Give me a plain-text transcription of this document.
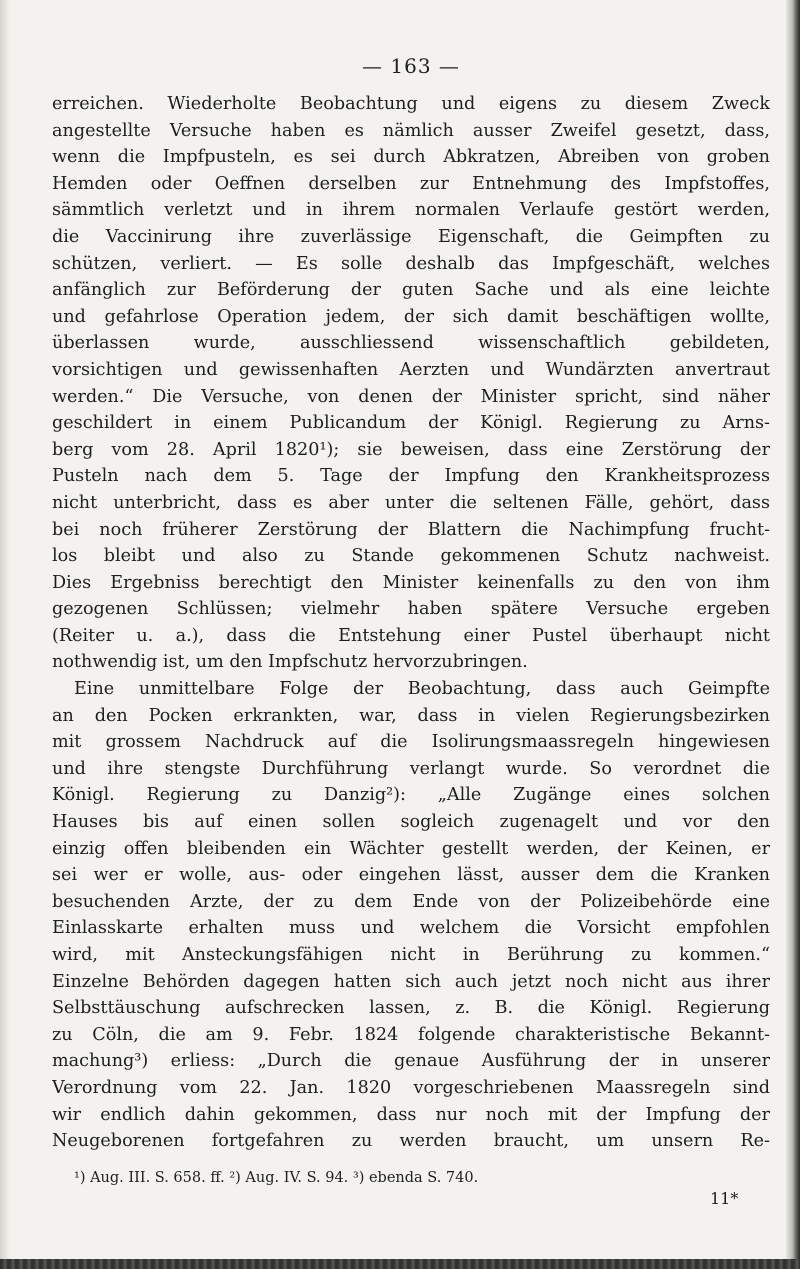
— 163 —
erreichen. Wiederholte Beobachtung und eigens zu diesem Zweck
angestellte Versuche haben es nämlich ausser Zweifel gesetzt, dass,
wenn die Impfpusteln, es sei durch Abkratzen, Abreiben von groben
Hemden oder Oeffnen derselben zur Entnehmung des Impfstoffes,
sämmtlich verletzt und in ihrem normalen Verlaufe gestört werden,
die Vaccinirung ihre zuverlässige Eigenschaft, die Geimpften zu
schützen, verliert. — Es solle deshalb das Impfgeschäft, welches
anfänglich zur Beförderung der guten Sache und als eine leichte
und gefahrlose Operation jedem, der sich damit beschäftigen wollte,
überlassen wurde, ausschliessend wissenschaftlich gebildeten,
vorsichtigen und gewissenhaften Aerzten und Wundärzten anvertraut
werden.“ Die Versuche, von denen der Minister spricht, sind näher
geschildert in einem Publicandum der Königl. Regierung zu Arns-
berg vom 28. April 1820¹); sie beweisen, dass eine Zerstörung der
Pusteln nach dem 5. Tage der Impfung den Krankheitsprozess
nicht unterbricht, dass es aber unter die seltenen Fälle, gehört, dass
bei noch früherer Zerstörung der Blattern die Nachimpfung frucht-
los bleibt und also zu Stande gekommenen Schutz nachweist.
Dies Ergebniss berechtigt den Minister keinenfalls zu den von ihm
gezogenen Schlüssen; vielmehr haben spätere Versuche ergeben
(Reiter u. a.), dass die Entstehung einer Pustel überhaupt nicht
nothwendig ist, um den Impfschutz hervorzubringen.
Eine unmittelbare Folge der Beobachtung, dass auch Geimpfte
an den Pocken erkrankten, war, dass in vielen Regierungsbezirken
mit grossem Nachdruck auf die Isolirungsmaassregeln hingewiesen
und ihre stengste Durchführung verlangt wurde. So verordnet die
Königl. Regierung zu Danzig²): „Alle Zugänge eines solchen
Hauses bis auf einen sollen sogleich zugenagelt und vor den
einzig offen bleibenden ein Wächter gestellt werden, der Keinen, er
sei wer er wolle, aus- oder eingehen lässt, ausser dem die Kranken
besuchenden Arzte, der zu dem Ende von der Polizeibehörde eine
Einlasskarte erhalten muss und welchem die Vorsicht empfohlen
wird, mit Ansteckungsfähigen nicht in Berührung zu kommen.“
Einzelne Behörden dagegen hatten sich auch jetzt noch nicht aus ihrer
Selbsttäuschung aufschrecken lassen, z. B. die Königl. Regierung
zu Cöln, die am 9. Febr. 1824 folgende charakteristische Bekannt-
machung³) erliess: „Durch die genaue Ausführung der in unserer
Verordnung vom 22. Jan. 1820 vorgeschriebenen Maassregeln sind
wir endlich dahin gekommen, dass nur noch mit der Impfung der
Neugeborenen fortgefahren zu werden braucht, um unsern Re-
¹) Aug. III. S. 658. ff. ²) Aug. IV. S. 94. ³) ebenda S. 740.
11*
